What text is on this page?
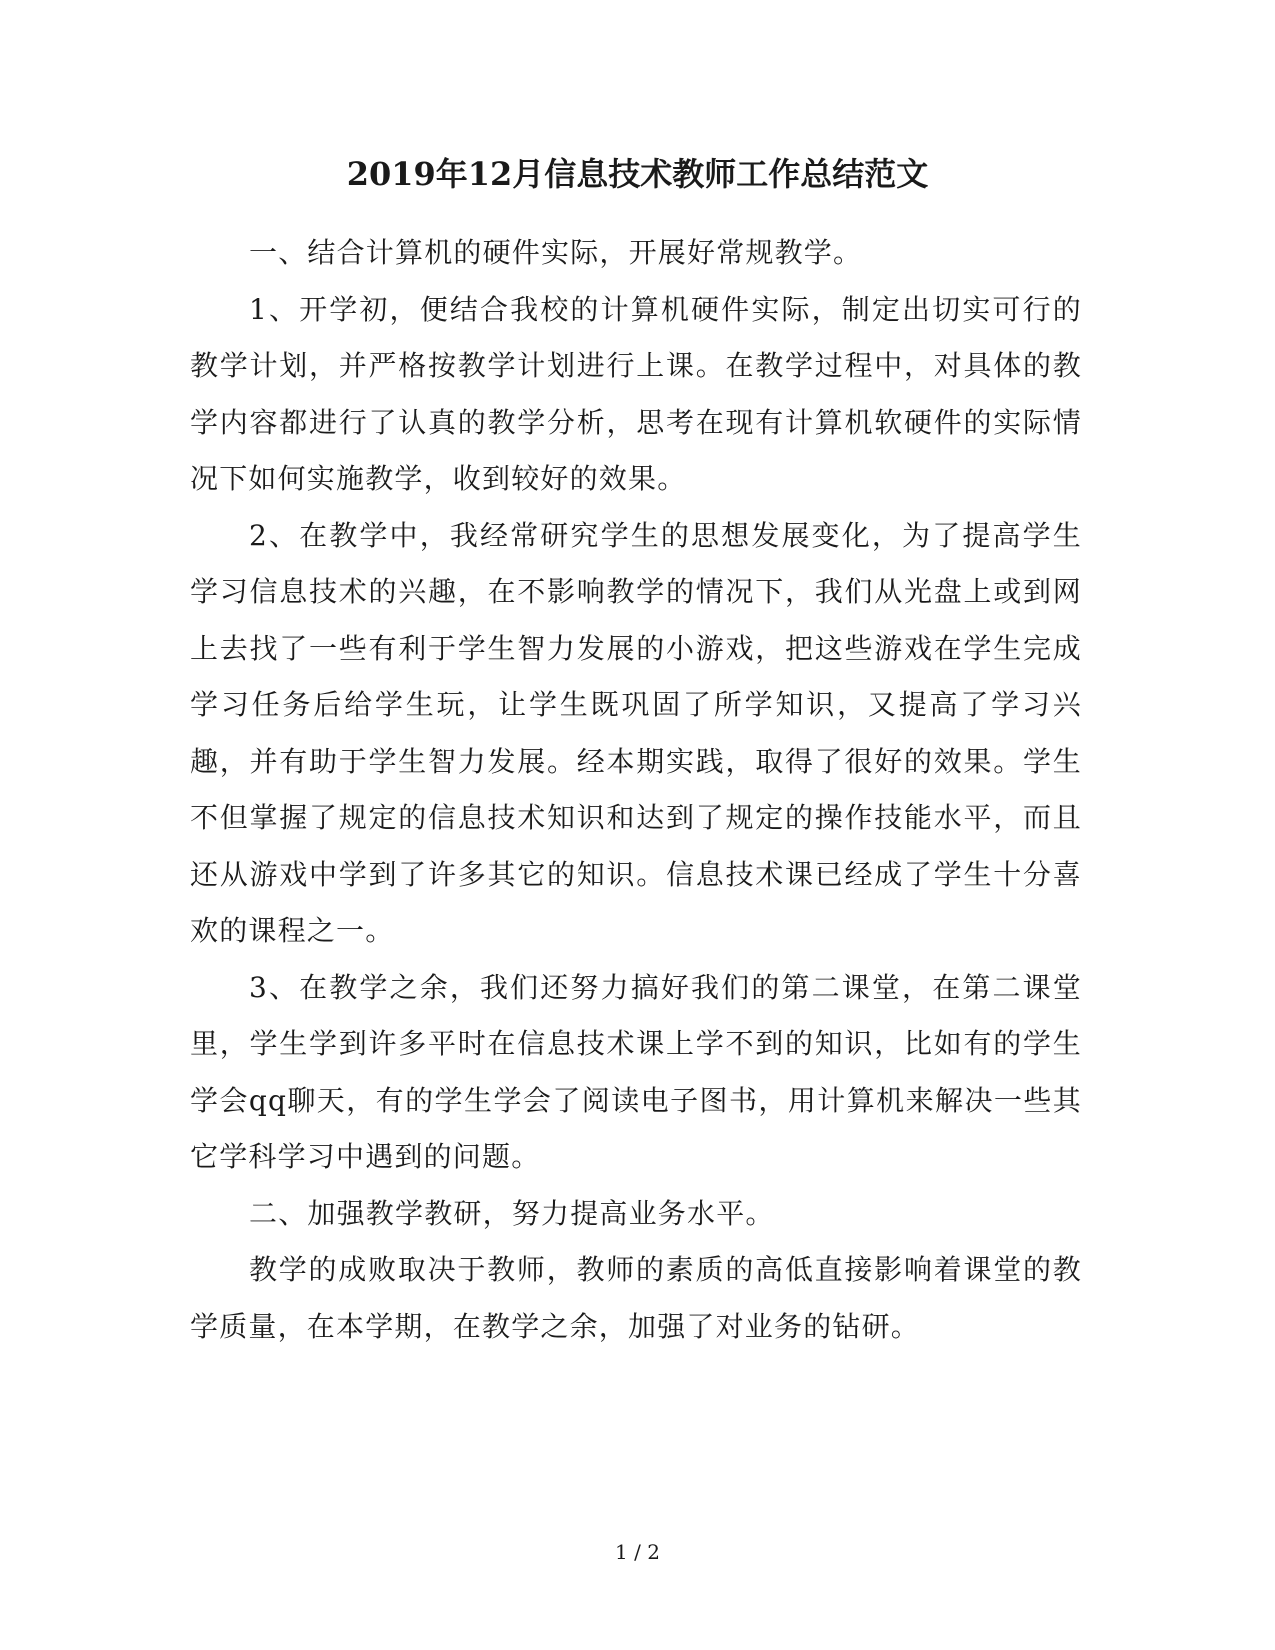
2019年12月信息技术教师工作总结范文

一、结合计算机的硬件实际，开展好常规教学。

1、开学初，便结合我校的计算机硬件实际，制定出切实可行的教学计划，并严格按教学计划进行上课。在教学过程中，对具体的教学内容都进行了认真的教学分析，思考在现有计算机软硬件的实际情况下如何实施教学，收到较好的效果。

2、在教学中，我经常研究学生的思想发展变化，为了提高学生学习信息技术的兴趣，在不影响教学的情况下，我们从光盘上或到网上去找了一些有利于学生智力发展的小游戏，把这些游戏在学生完成学习任务后给学生玩，让学生既巩固了所学知识，又提高了学习兴趣，并有助于学生智力发展。经本期实践，取得了很好的效果。学生不但掌握了规定的信息技术知识和达到了规定的操作技能水平，而且还从游戏中学到了许多其它的知识。信息技术课已经成了学生十分喜欢的课程之一。

3、在教学之余，我们还努力搞好我们的第二课堂，在第二课堂里，学生学到许多平时在信息技术课上学不到的知识，比如有的学生学会qq聊天，有的学生学会了阅读电子图书，用计算机来解决一些其它学科学习中遇到的问题。

二、加强教学教研，努力提高业务水平。

教学的成败取决于教师，教师的素质的高低直接影响着课堂的教学质量，在本学期，在教学之余，加强了对业务的钻研。

1 / 2
